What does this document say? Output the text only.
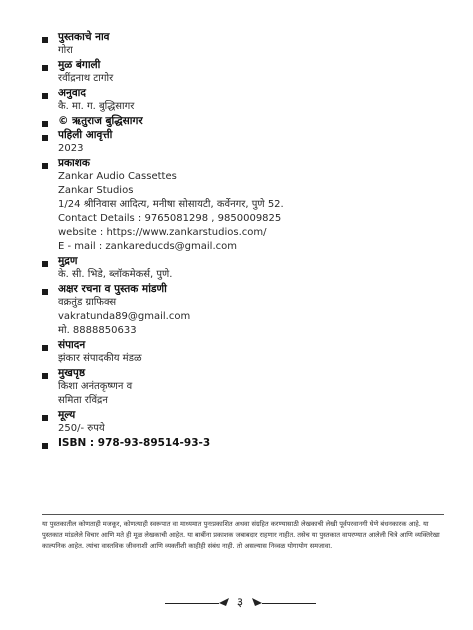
पुस्तकाचे नाव
गोरा
मुळ बंगाली
रवींद्रनाथ टागोर
अनुवाद
कै. मा. ग. बुद्धिसागर
© ऋतुराज बुद्धिसागर
पहिली आवृत्ती
2023
प्रकाशक
Zankar Audio Cassettes
Zankar Studios
1/24 श्रीनिवास आदित्य, मनीषा सोसायटी, कर्वेनगर, पुणे 52.
Contact Details : 9765081298 , 9850009825
website : https://www.zankarstudios.com/
E - mail : zankareducds@gmail.com
मुद्रण
के. सी. भिडे, ब्लॉकमेकर्स, पुणे.
अक्षर रचना व पुस्तक मांडणी
वक्रतुंड ग्राफिक्स
vakratunda89@gmail.com
मो. 8888850633
संपादन
झंकार संपादकीय मंडळ
मुखपृष्ठ
किशा अनंतकृष्णन व
समिता रविंद्रन
मूल्य
250/- रुपये
ISBN : 978-93-89514-93-3
या पुस्तकातील कोणताही मजकूर, कोणत्याही स्वरूपात वा माध्यमात पुनःप्रकाशित अथवा संग्रहित करण्यासाठी लेखकाची लेखी पूर्वपरवानगी घेणे बंधनकारक आहे. या पुस्तकात मांडलेले विचार आणि मते ही मूळ लेखकाची आहेत. या बाबींना प्रकाशक जबाबदार राहणार नाहीत. तसेच या पुस्तकात वापरण्यात आलेली चित्रे आणि व्यक्तिरेखा काल्पनिक आहेत. त्यांचा वास्तविक जीवनाशी आणि व्यक्तींशी काहीही संबंध नाही. तो असल्यास निव्वळ योगायोग समजावा.
३
